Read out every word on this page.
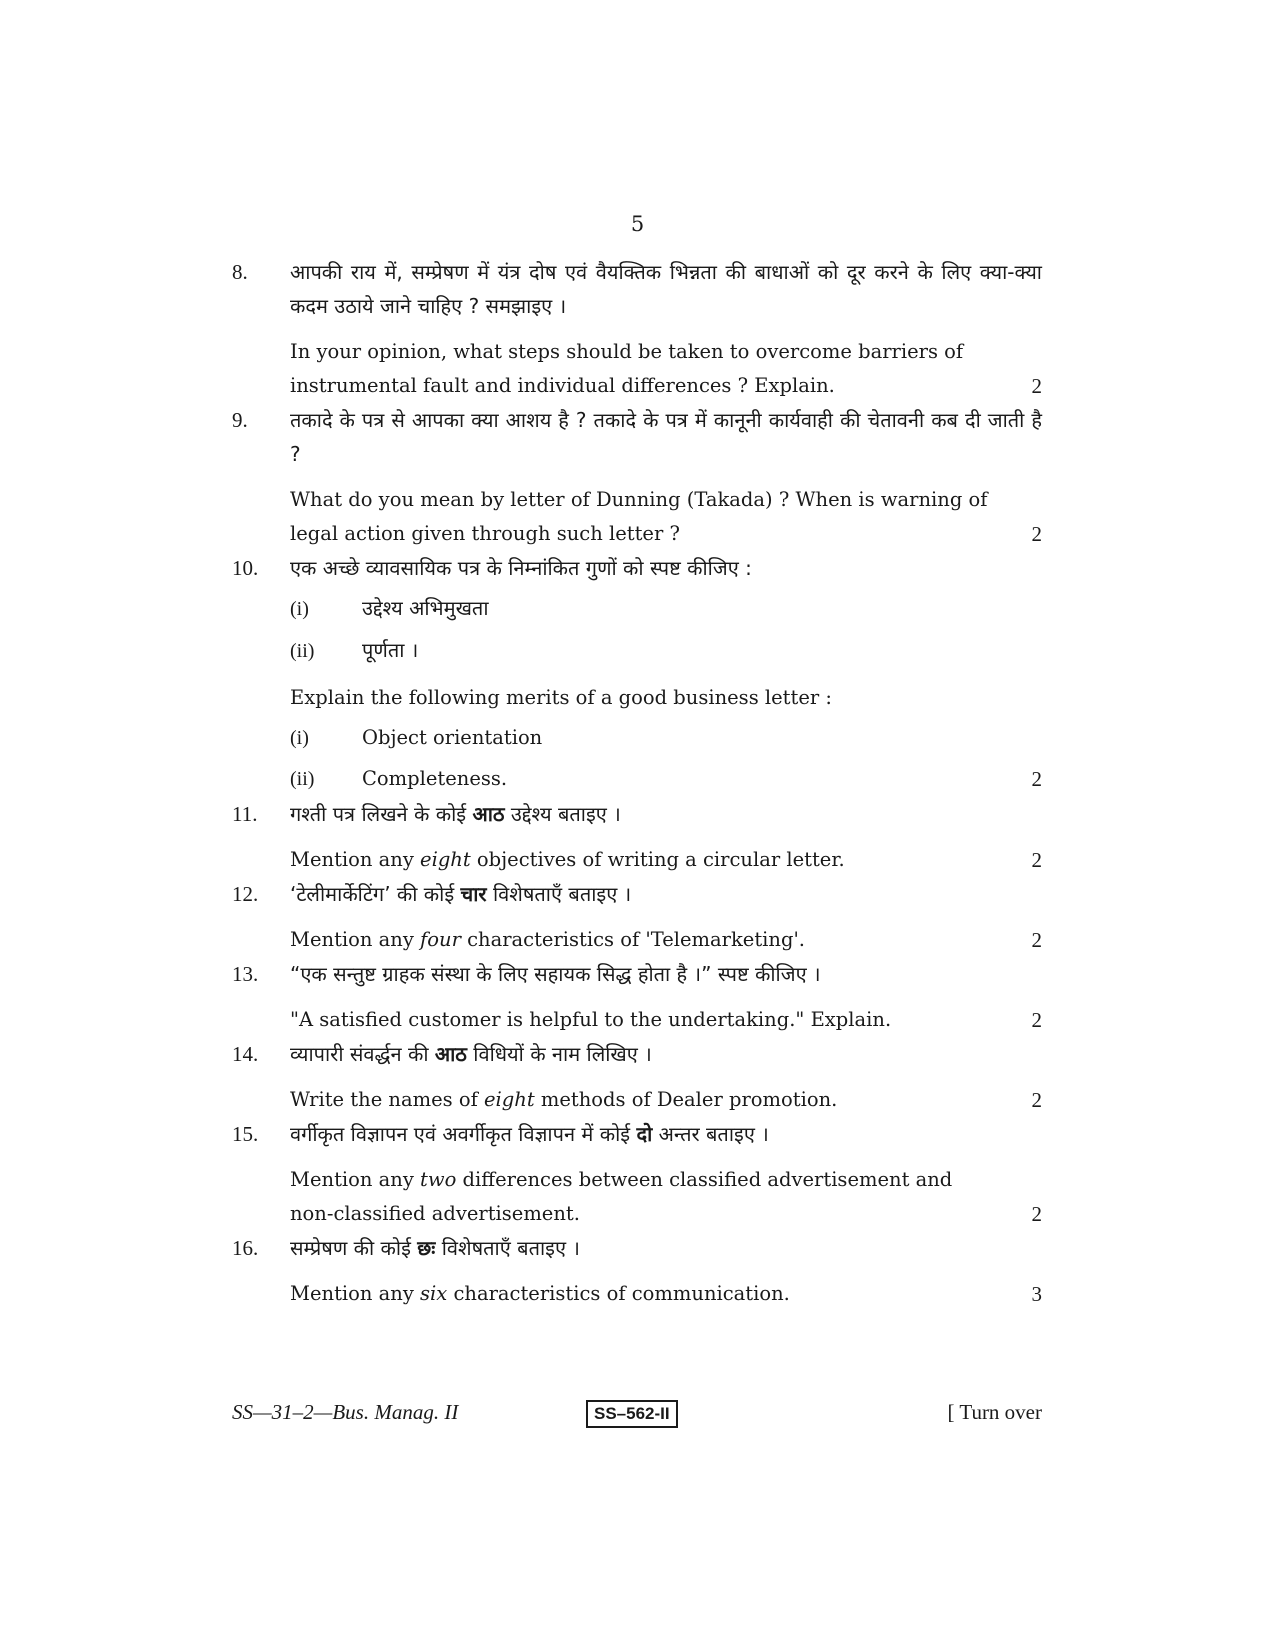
5
8.	आपकी राय में, सम्प्रेषण में यंत्र दोष एवं वैयक्तिक भिन्नता की बाधाओं को दूर करने के लिए क्या-क्या कदम उठाये जाने चाहिए ? समझाइए ।
In your opinion, what steps should be taken to overcome barriers of
instrumental fault and individual differences ? Explain.	2
9.	तकादे के पत्र से आपका क्या आशय है ? तकादे के पत्र में कानूनी कार्यवाही की चेतावनी कब दी जाती है ?
What do you mean by letter of Dunning (Takada) ? When is warning of
legal action given through such letter ?	2
10.	एक अच्छे व्यावसायिक पत्र के निम्नांकित गुणों को स्पष्ट कीजिए :
(i)	उद्देश्य अभिमुखता
(ii) पूर्णता ।
Explain the following merits of a good business letter :
(i)	Object orientation
(ii) Completeness.	2
11.	गश्ती पत्र लिखने के कोई आठ उद्देश्य बताइए ।
Mention any eight objectives of writing a circular letter.	2
12.	‘टेलीमार्केटिंग’ की कोई चार विशेषताएँ बताइए ।
Mention any four characteristics of 'Telemarketing'.	2
13.	“एक सन्तुष्ट ग्राहक संस्था के लिए सहायक सिद्ध होता है ।” स्पष्ट कीजिए ।
"A satisfied customer is helpful to the undertaking." Explain.	2
14.	व्यापारी संवर्द्धन की आठ विधियों के नाम लिखिए ।
Write the names of eight methods of Dealer promotion.	2
15.	वर्गीकृत विज्ञापन एवं अवर्गीकृत विज्ञापन में कोई दो अन्तर बताइए ।
Mention any two differences between classified advertisement and
non-classified advertisement.	2
16.	सम्प्रेषण की कोई छः विशेषताएँ बताइए ।
Mention any six characteristics of communication.	3
SS—31–2—Bus. Manag. II	SS–562-II	[ Turn over
